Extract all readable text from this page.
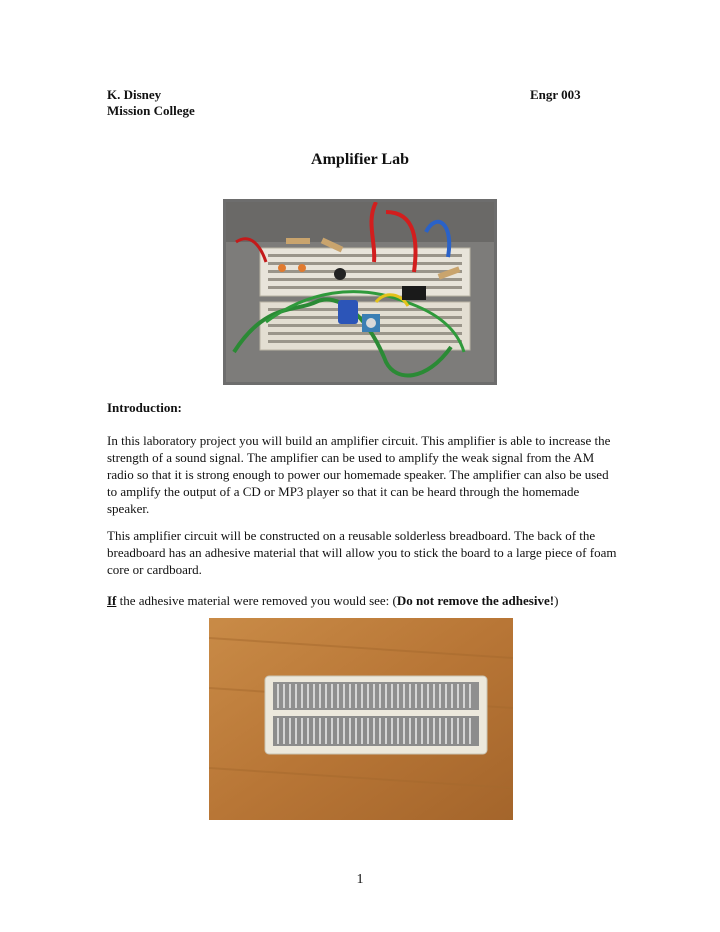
K. Disney
Mission College
Engr 003
Amplifier Lab
Introduction:

In this laboratory project you will build an amplifier circuit. This amplifier is able to increase the strength of a sound signal. The amplifier can be used to amplify the weak signal from the AM radio so that it is strong enough to power our homemade speaker. The amplifier can also be used to amplify the output of a CD or MP3 player so that it can be heard through the homemade speaker.

This amplifier circuit will be constructed on a reusable solderless breadboard. The back of the breadboard has an adhesive material that will allow you to stick the board to a large piece of foam core or cardboard.

If the adhesive material were removed you would see: (Do not remove the adhesive!)

1
